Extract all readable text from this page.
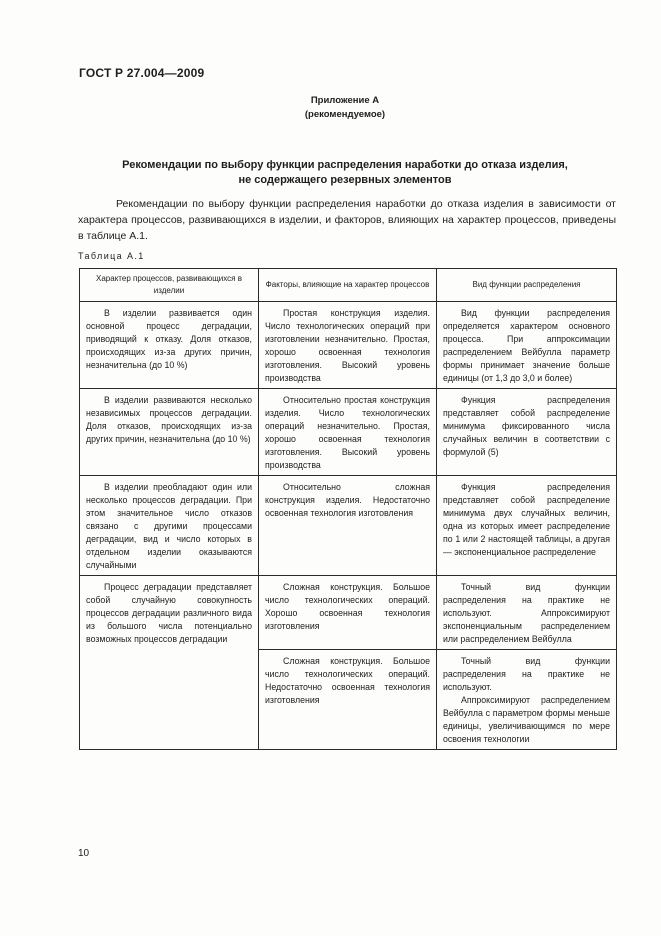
ГОСТ Р 27.004—2009
Приложение А
(рекомендуемое)
Рекомендации по выбору функции распределения наработки до отказа изделия,
не содержащего резервных элементов

Рекомендации по выбору функции распределения наработки до отказа изделия в зависимости от характера процессов, развивающихся в изделии, и факторов, влияющих на характер процессов, приведены в таблице А.1.

Таблица А.1
Характер процессов, развивающихся в изделии	Факторы, влияющие на характер процессов	Вид функции распределения

В изделии развивается один основной процесс деградации, приводящий к отказу. Доля отказов, происходящих из-за других причин, незначительна (до 10 %)	Простая конструкция изделия. Число технологических операций при изготовлении незначительно. Простая, хорошо освоенная технология изготовления. Высокий уровень производства	Вид функции распределения определяется характером основного процесса. При аппроксимации распределением Вейбулла параметр формы принимает значение больше единицы (от 1,3 до 3,0 и более)

В изделии развиваются несколько независимых процессов деградации. Доля отказов, происходящих из-за других причин, незначительна (до 10 %)	Относительно простая конструкция изделия. Число технологических операций незначительно. Простая, хорошо освоенная технология изготовления. Высокий уровень производства	Функция распределения представляет собой распределение минимума фиксированного числа случайных величин в соответствии с формулой (5)

В изделии преобладают один или несколько процессов деградации. При этом значительное число отказов связано с другими процессами деградации, вид и число которых в отдельном изделии оказываются случайными	Относительно сложная конструкция изделия. Недостаточно освоенная технология изготовления	Функция распределения представляет собой распределение минимума двух случайных величин, одна из которых имеет распределение по 1 или 2 настоящей таблицы, а другая — экспоненциальное распределение

Процесс деградации представляет собой случайную совокупность процессов деградации различного вида из большого числа потенциально возможных процессов деградации	Сложная конструкция. Большое число технологических операций. Хорошо освоенная технология изготовления	Точный вид функции распределения на практике не используют. Аппроксимируют экспоненциальным распределением или распределением Вейбулла

	Сложная конструкция. Большое число технологических операций. Недостаточно освоенная технология изготовления	Точный вид функции распределения на практике не используют.
Аппроксимируют распределением Вейбулла с параметром формы меньше единицы, увеличивающимся по мере освоения технологии
10
